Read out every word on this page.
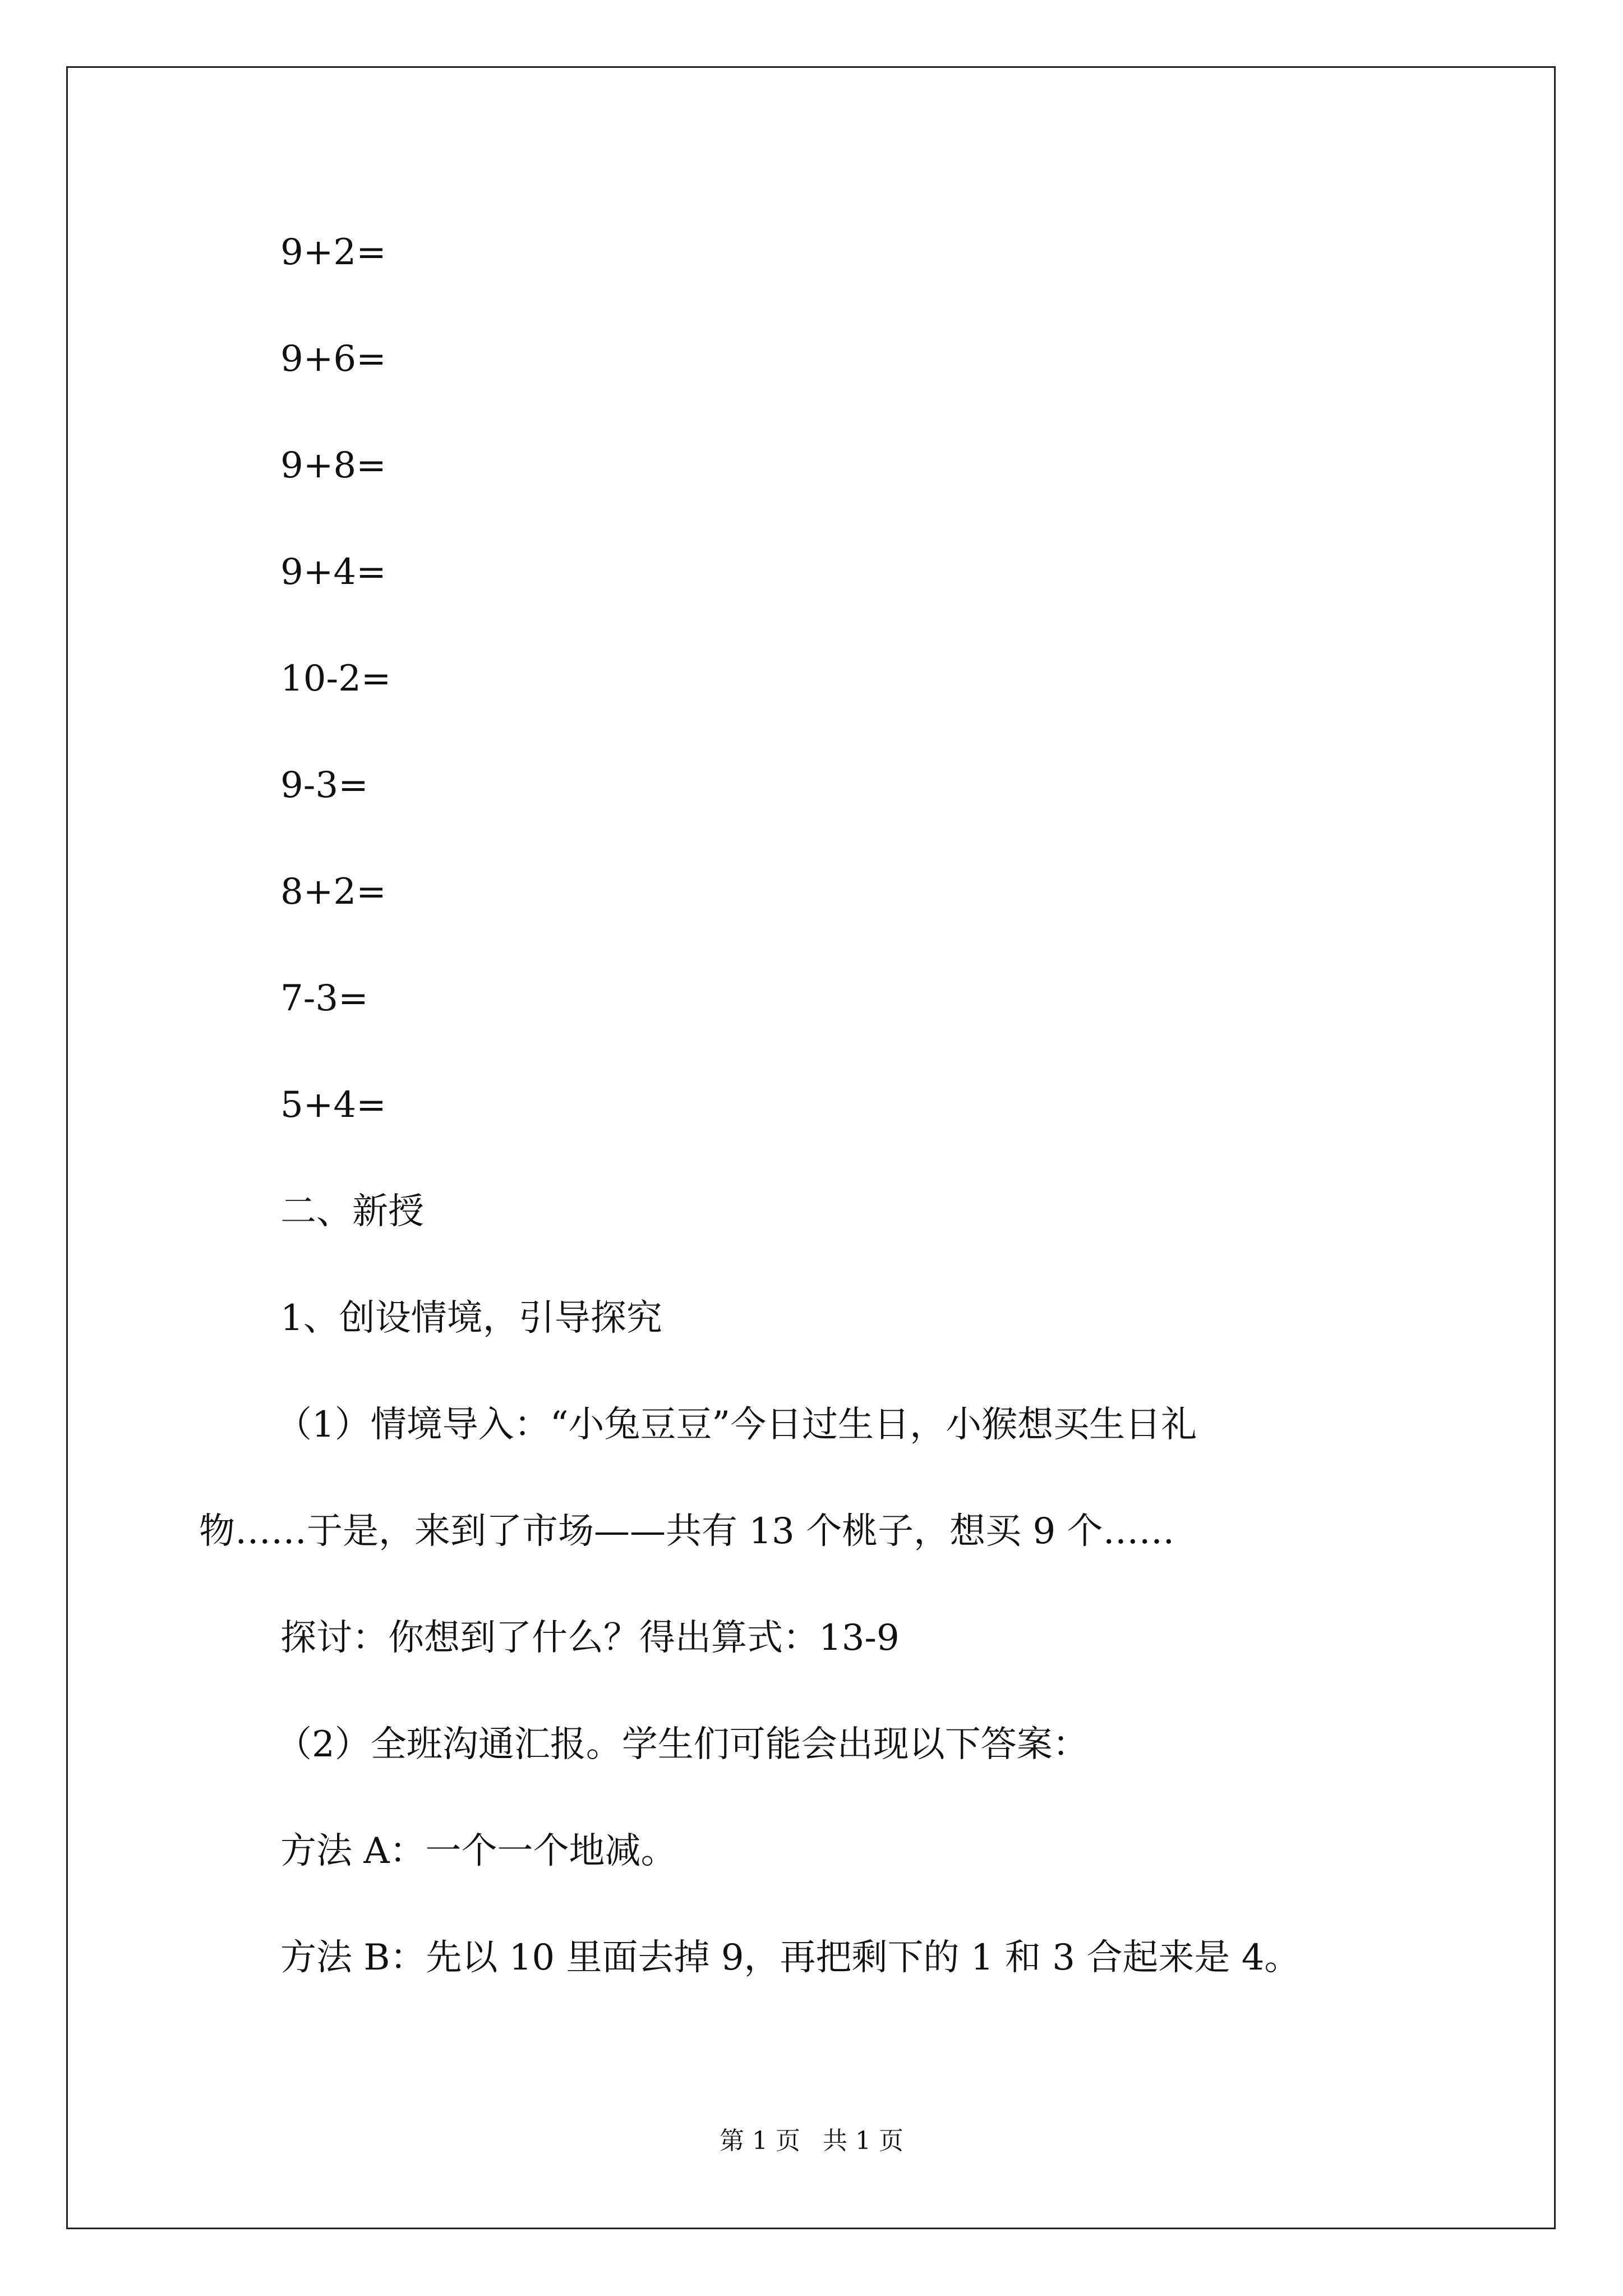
9+2=
9+6=
9+8=
9+4=
10-2=
9-3=
8+2=
7-3=
5+4=
二、新授
1、创设情境，引导探究
（1）情境导入：“小兔豆豆”今日过生日，小猴想买生日礼
物……于是，来到了市场——共有 13 个桃子，想买 9 个……
探讨：你想到了什么？得出算式：13-9
（2）全班沟通汇报。学生们可能会出现以下答案：
方法 A：一个一个地减。
方法 B：先以 10 里面去掉 9，再把剩下的 1 和 3 合起来是 4。
第 1 页 共 1 页
